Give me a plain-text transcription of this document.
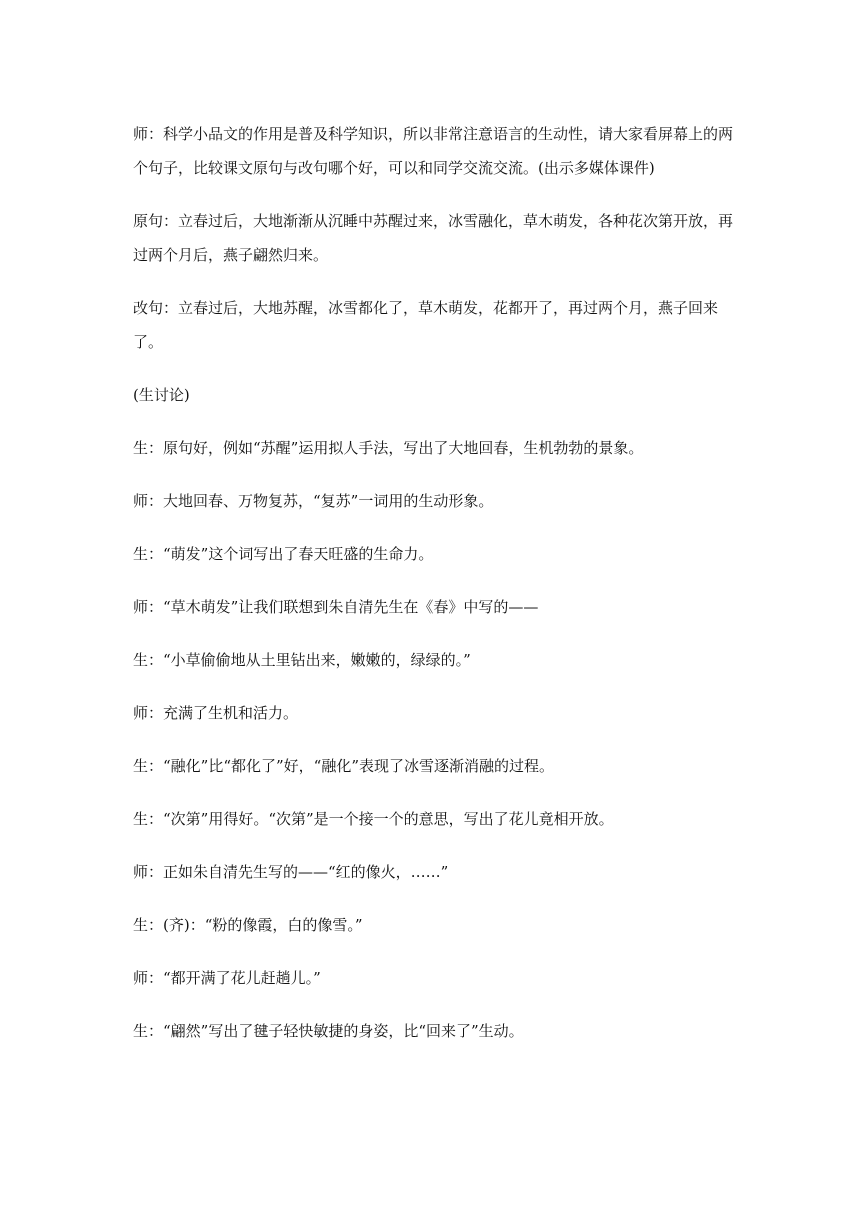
师：科学小品文的作用是普及科学知识，所以非常注意语言的生动性，请大家看屏幕上的两个句子，比较课文原句与改句哪个好，可以和同学交流交流。(出示多媒体课件)

原句：立春过后，大地渐渐从沉睡中苏醒过来，冰雪融化，草木萌发，各种花次第开放，再过两个月后，燕子翩然归来。

改句：立春过后，大地苏醒，冰雪都化了，草木萌发，花都开了，再过两个月，燕子回来了。

(生讨论)

生：原句好，例如“苏醒”运用拟人手法，写出了大地回春，生机勃勃的景象。

师：大地回春、万物复苏，“复苏”一词用的生动形象。

生：“萌发”这个词写出了春天旺盛的生命力。

师：“草木萌发”让我们联想到朱自清先生在《春》中写的——

生：“小草偷偷地从土里钻出来，嫩嫩的，绿绿的。”

师：充满了生机和活力。

生：“融化”比“都化了”好，“融化”表现了冰雪逐渐消融的过程。

生：“次第”用得好。“次第”是一个接一个的意思，写出了花儿竟相开放。

师：正如朱自清先生写的——“红的像火，……”

生：(齐)：“粉的像霞，白的像雪。”

师：“都开满了花儿赶趟儿。”

生：“翩然”写出了毽子轻快敏捷的身姿，比“回来了”生动。
